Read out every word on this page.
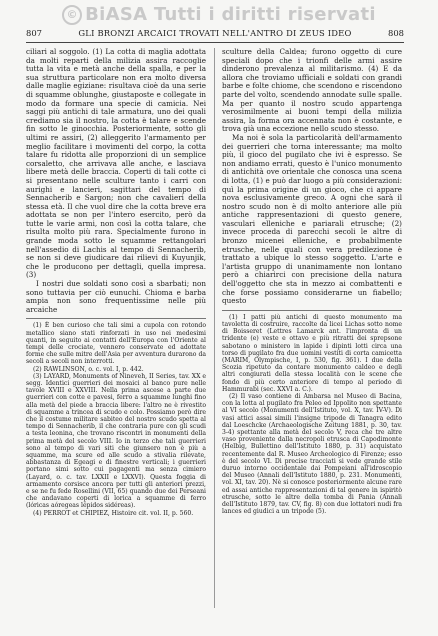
© BiASA Tutti i diritti riservati
807	GLI BRONZI ARCAICI TROVATI NELL'ANTRO DI ZEUS IDEO	808

ciliari al soggolo. (1) La cotta di maglia adottata da molti reparti della milizia assira raccoglie tutta la vita e metà anche della spalla, e per la sua struttura particolare non era molto diversa dalle maglie egiziane: risultava cioè da una serie di squamme oblunghe, giustaposte e collegate in modo da formare una specie di camicia. Nei saggi più antichi di tale armatura, uno dei quali crediamo sia il nostro, la cotta è talare e scende fin sotto le ginocchia. Posteriormente, sotto gli ultimi re assiri, (2) alleggerito l'armamento per meglio facilitare i movimenti del corpo, la cotta talare fu ridotta alle proporzioni di un semplice corsaletto, che arrivava alle anche, e lasciava libere metà delle braccia. Coperti di tali cotte ci si presentano nelle sculture tanto i carri con aurighi e lancieri, sagittari del tempo di Sennacherib e Sargon; non che cavalieri della stessa età. Il che vuol dire che la cotta breve era adottata se non per l'intero esercito, però da tutte le varie armi, non così la cotta talare, che risulta molto più rara. Specialmente furono in grande moda sotto le squamme rettangolari nell'assedio di Lachis al tempo di Sennacherib, se non si deve giudicare dai rilievi di Kuyunjik, che le producono per dettagli, quella impresa. (3)

I nostri due soldati sono così a sbarbati; non sono tuttavia per ciò eunuchi. Chioma e barba ampia non sono frequentissime nelle più arcaiche

(1) È ben curioso che tali simi a cupola con rotondo metallico siano stati rinforzati in uso nei medesimi quanti, in seguito ai contatti dell'Europa con l'Oriente al tempi delle crociate, vennero conservate ed adottate forme che sulle mitre dell'Asia per avventura durarono da secoli a secoli non interrotti.

(2) RAWLINSON, o. c. vol. I, p. 442.

(3) LAYARD, Monuments of Nineveh, II Series, tav. XX e segg. Identici guerrieri dei mosaici al banco pure nelle tavole XVIII e XXVIII. Nella prima ascese a parte due guerrieri con cotte e pavesi, ferro a squamme lunghi fino alla metà del piede a braccia libere: l'altro ne è rivestito di squamme a trincea di scudo e colo. Possiamo però dire che il costume militare sabiteo del nostro scudo spetta al tempo di Sennacherib, il che contraria pure con gli scudi a testa leonina, che trovano riscontri in monumenti della prima metà del secolo VIII. Io in terzo che tali guerrieri sono al tempo di vari siti che giunsero non è più a squamme, ma scure ed alle scudo a stivalia rilevate, abbastanza di Egeagi e di finestre verticali; i guerrieri portano simi sotto cui pagagenti ma senza cimiero (Layard, o. c. tav. LXXII e LXXVI). Questa foggia di armamento corsisce ancora per tutti gli anteriori prezzi, e se ne fu fede Rosellini (VII, 65) quando due dei Perseani che andavano coperti di lorica a squamme di ferro (lóricas aóregeas lépidos sidéreas).

(4) PERROT et CHIPIEZ, Histoire cit. vol. II, p. 560.

sculture della Caldea; furono oggetto di cure speciali dopo che i trionfi delle armi assire dinderono prevalenza al militarismo. (4) E da allora che troviamo ufficiali e soldati con grandi barbe e folte chiome, che scendono e riscendono parte del volto, scendendo annodate sulle spalle. Ma per quanto il nostro scudo appartenga verosimilmente ai buoni tempi della milizia assira, la forma ora accennata non è costante, e trova già una eccezione nello scudo stesso.

Ma noi è sola la particolarità dell'armamento dei guerrieri che torna interessante; ma molto più, il gioco del pugilato che ivi è espresso. Se non andiamo errati, questo è l'unico monumento di antichità ove orientale che conosca una scena di lotta, (1) e può dar luogo a più considerazioni: quì la prima origine di un gioco, che ci appare nova esclusivamente greco. A ogni che sarà il nostro scudo non è di molto anteriore alle più antiche rappresentazioni di questo genere, vasculari elleniche e pariarali etrusche; (2) invece proceda di parecchi secoli le altre di bronzo micenei elleniche, e probabilmente etrusche, nelle quali con vera predilezione è trattato a ubique lo stesso soggetto. L'arte e l'artista gruppo di unanimamente non lontano però a chiarirci con precisione della natura dell'oggetto che sta in mezzo ai combattenti e che forse possiamo considerarne un fiabello; questo

(1) I patti più antichi di questo monumento ma tavoletta di costruire, raccolte da licei Lichas sotto nome di Boisseret (Lettres Lamarck ant. l'impronta di un tridente (e) veste e ottavo e più ritratti dei sprepsone sabotano o ministero in lapide i dipinti lotti circa una torso di pugilato fra due uomini vestiti di corta camicetta (MARIM, Olympische, I, p. 530, fig. 361). I due della Scozia ripetuto da contare monumento caldeo e degli altri congiurati della stessa località con le scene che fondo di più certo anteriore di tempo al periodo di Hammurabi (sec. XXVI a. C.).

(2) Il vaso contiene di Ambarsa nel Museo di Bacina, con la lotta al pugilato fra Peleo ed Ippolito non spettante al VI secolo (Monumenti dell'Istituto, vol. X, tav. IV-V). Di vasi attici assai simili l'insigne tripode di Tanagra edito dal Loeschcke (Archaeologische Zeitung 1881, p. 30, tav. 3-4) spettante alla metà del secolo V, reca che tre altre vaso proveniente dalla necropoli etrusca di Capodimonte (Helbig, Bullettino dell'Istituto 1880, p. 31) acquistato recentemente dal R. Museo Archeologico di Firenze; esso è del secolo VI. Di precise tracciati si vede grande stile duruo intorno occidentale dai Pompeiani all'idroscopio del Museo (Annali dell'Istituto 1880, p. 231. Monumenti, vol. XI, tav. 20). Nè si conosce posteriormente alcune rare ed assai antiche rappresentazioni di tal genere in ispiritò etrusche, sotto le altre della tomba di Pania (Annali dell'Istituto 1879, tav. CV, fig. 8) con due lottatori nudi fra lances ed giudici a un tripode (5).
